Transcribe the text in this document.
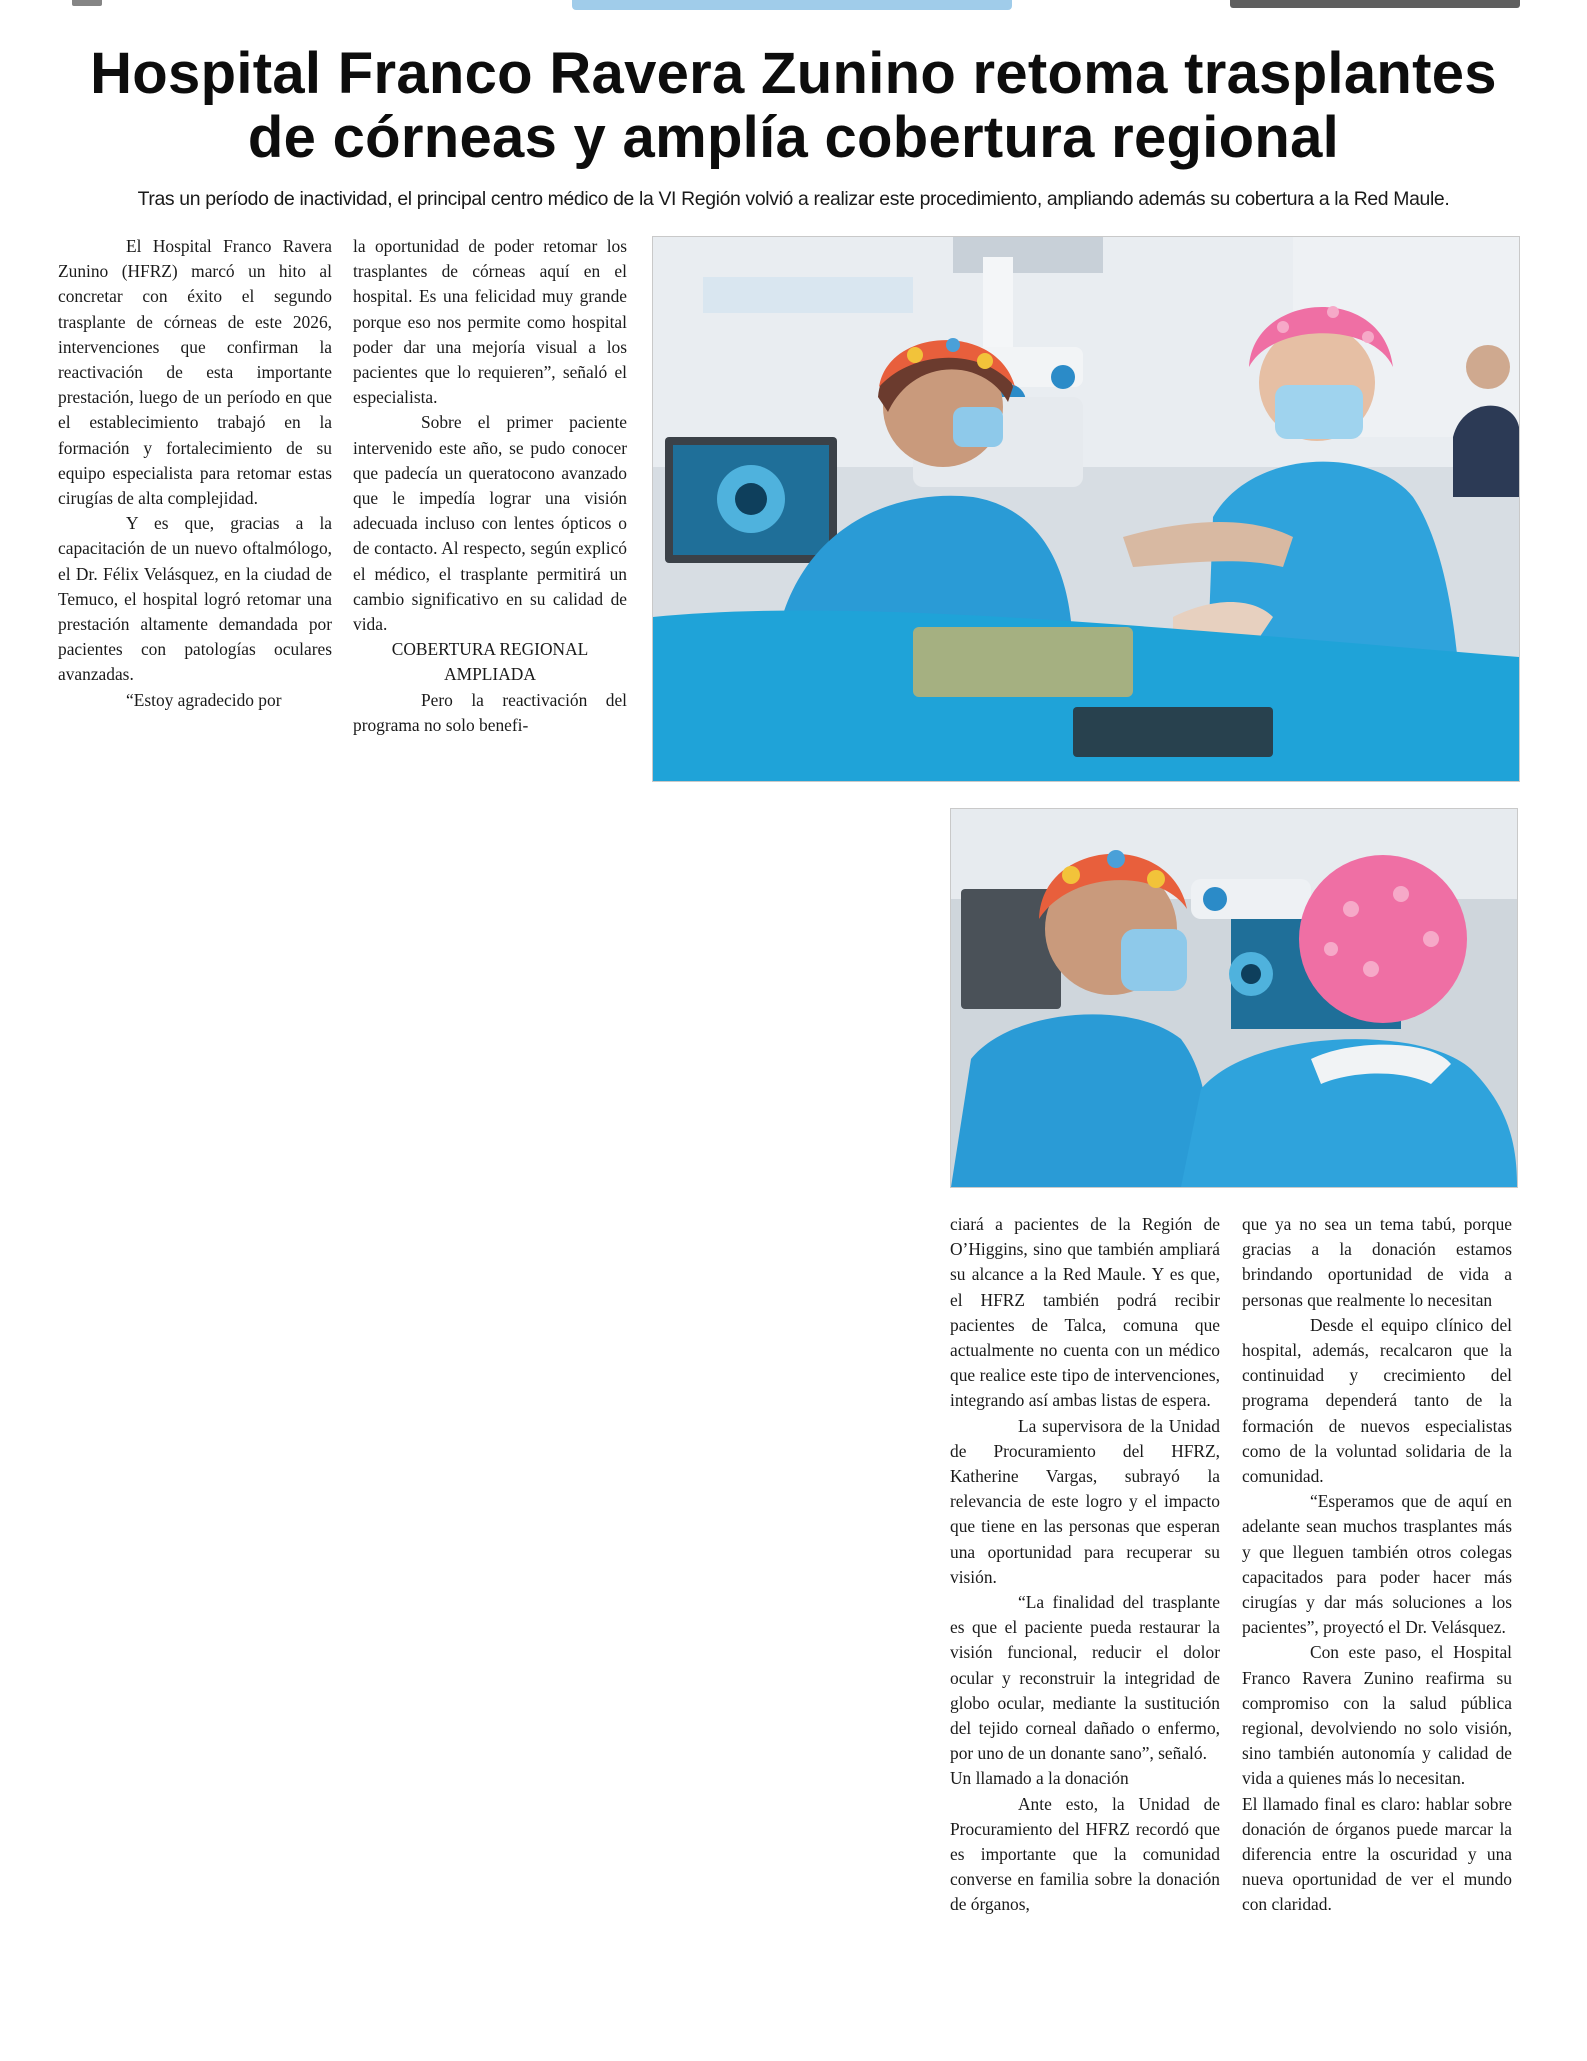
Hospital Franco Ravera Zunino retoma trasplantes
de córneas y amplía cobertura regional

Tras un período de inactividad, el principal centro médico de la VI Región volvió a realizar este procedimiento, ampliando además su cobertura a la Red Maule.

El Hospital Franco Ravera Zunino (HFRZ) marcó un hito al concretar con éxito el segundo trasplante de córneas de este 2026, intervenciones que confirman la reactivación de esta importante prestación, luego de un período en que el establecimiento trabajó en la formación y fortalecimiento de su equipo especialista para retomar estas cirugías de alta complejidad.

Y es que, gracias a la capacitación de un nuevo oftalmólogo, el Dr. Félix Velásquez, en la ciudad de Temuco, el hospital logró retomar una prestación altamente demandada por pacientes con patologías oculares avanzadas.

“Estoy agradecido por

la oportunidad de poder retomar los trasplantes de córneas aquí en el hospital. Es una felicidad muy grande porque eso nos permite como hospital poder dar una mejoría visual a los pacientes que lo requieren”, señaló el especialista.

Sobre el primer paciente intervenido este año, se pudo conocer que padecía un queratocono avanzado que le impedía lograr una visión adecuada incluso con lentes ópticos o de contacto. Al respecto, según explicó el médico, el trasplante permitirá un cambio significativo en su calidad de vida.

COBERTURA REGIONAL AMPLIADA

Pero la reactivación del programa no solo benefi-

ciará a pacientes de la Región de O’Higgins, sino que también ampliará su alcance a la Red Maule. Y es que, el HFRZ también podrá recibir pacientes de Talca, comuna que actualmente no cuenta con un médico que realice este tipo de intervenciones, integrando así ambas listas de espera.

La supervisora de la Unidad de Procuramiento del HFRZ, Katherine Vargas, subrayó la relevancia de este logro y el impacto que tiene en las personas que esperan una oportunidad para recuperar su visión.

“La finalidad del trasplante es que el paciente pueda restaurar la visión funcional, reducir el dolor ocular y reconstruir la integridad de globo ocular, mediante la sustitución del tejido corneal dañado o enfermo, por uno de un donante sano”, señaló.

Un llamado a la donación

Ante esto, la Unidad de Procuramiento del HFRZ recordó que es importante que la comunidad converse en familia sobre la donación de órganos,

que ya no sea un tema tabú, porque gracias a la donación estamos brindando oportunidad de vida a personas que realmente lo necesitan

Desde el equipo clínico del hospital, además, recalcaron que la continuidad y crecimiento del programa dependerá tanto de la formación de nuevos especialistas como de la voluntad solidaria de la comunidad.

“Esperamos que de aquí en adelante sean muchos trasplantes más y que lleguen también otros colegas capacitados para poder hacer más cirugías y dar más soluciones a los pacientes”, proyectó el Dr. Velásquez.

Con este paso, el Hospital Franco Ravera Zunino reafirma su compromiso con la salud pública regional, devolviendo no solo visión, sino también autonomía y calidad de vida a quienes más lo necesitan.

El llamado final es claro: hablar sobre donación de órganos puede marcar la diferencia entre la oscuridad y una nueva oportunidad de ver el mundo con claridad.
